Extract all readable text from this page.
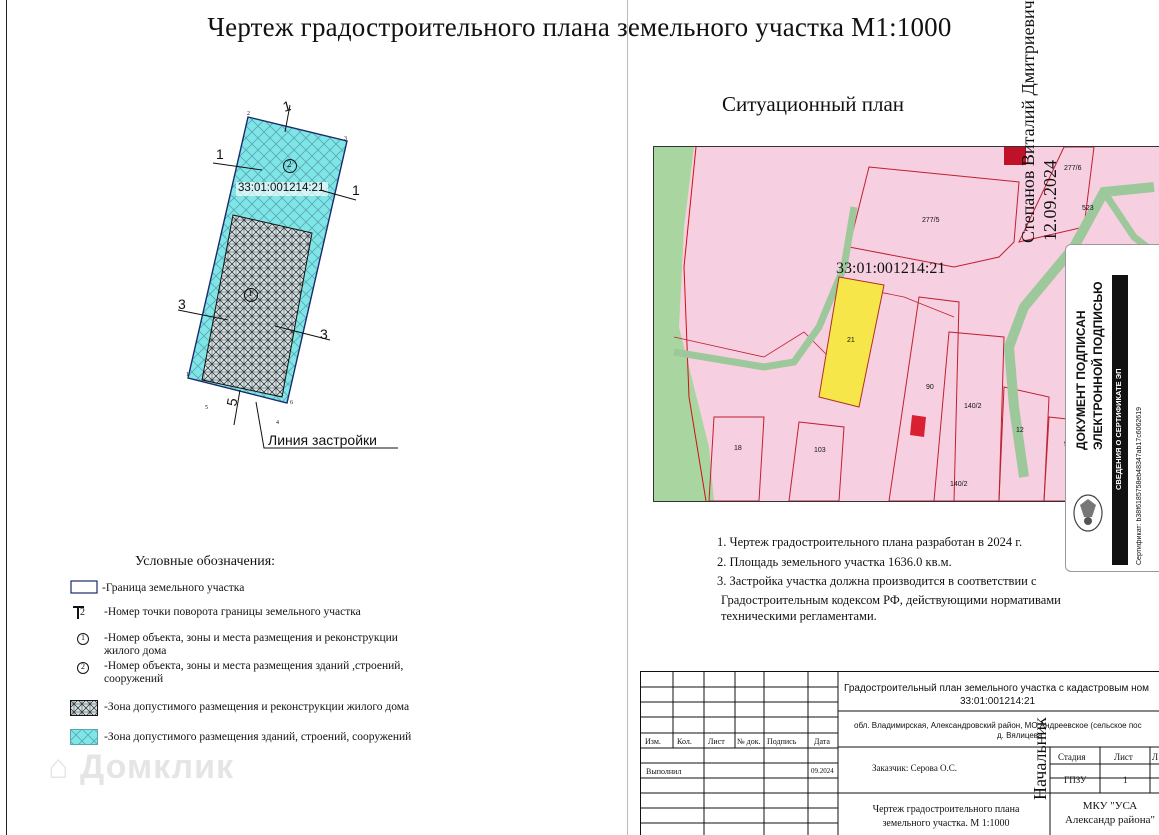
Чертеж градостроительного плана земельного участка М1:1000
33:01:001214:21
1
1
1
3
3
5
2
1
1
2
3
4
5
6
Линия застройки
Ситуационный план
33:01:001214:21
277/5
21
90
140/2
12
18	103
140/2
277/6
523
Степанов Виталий Дмитриевич 12.09.2024
Начальник
ДОКУМЕНТ ПОДПИСАН ЭЛЕКТРОННОЙ ПОДПИСЬЮ СВЕДЕНИЯ О СЕРТИФИКАТЕ ЭП Сертификат: b38f6185758eb48347ab17c6062619
1. Чертеж градостроительного плана разработан в 2024 г.
2. Площадь земельного участка 1636.0 кв.м.
3. Застройка участка должна производится в соответствии с
Градостроительным кодексом РФ, действующими нормативами
техническими регламентами.
Условные обозначения:
-Граница земельного участка
2 -Номер точки поворота границы земельного участка
1 -Номер объекта, зоны и места размещения и реконструкции жилого дома
2 -Номер объекта, зоны и места размещения зданий ,строений, сооружений
-Зона допустимого размещения и реконструкции жилого дома
-Зона допустимого размещения зданий, строений, сооружений
⌂ Домклик
Градостроительный план земельного участка с кадастровым ном
33:01:001214:21
обл. Владимирская, Александровский район, МО Андреевское (сельское пос
д. Вялицева
Изм. Кол. Лист № док. Подпись Дата
Выполнил	09.2024	Заказчик: Серова О.С.
Стадия	Лист Л
ГПЗУ	1
Чертеж градостроительного плана земельного участка. М 1:1000
МКУ "УСА Александр района"
